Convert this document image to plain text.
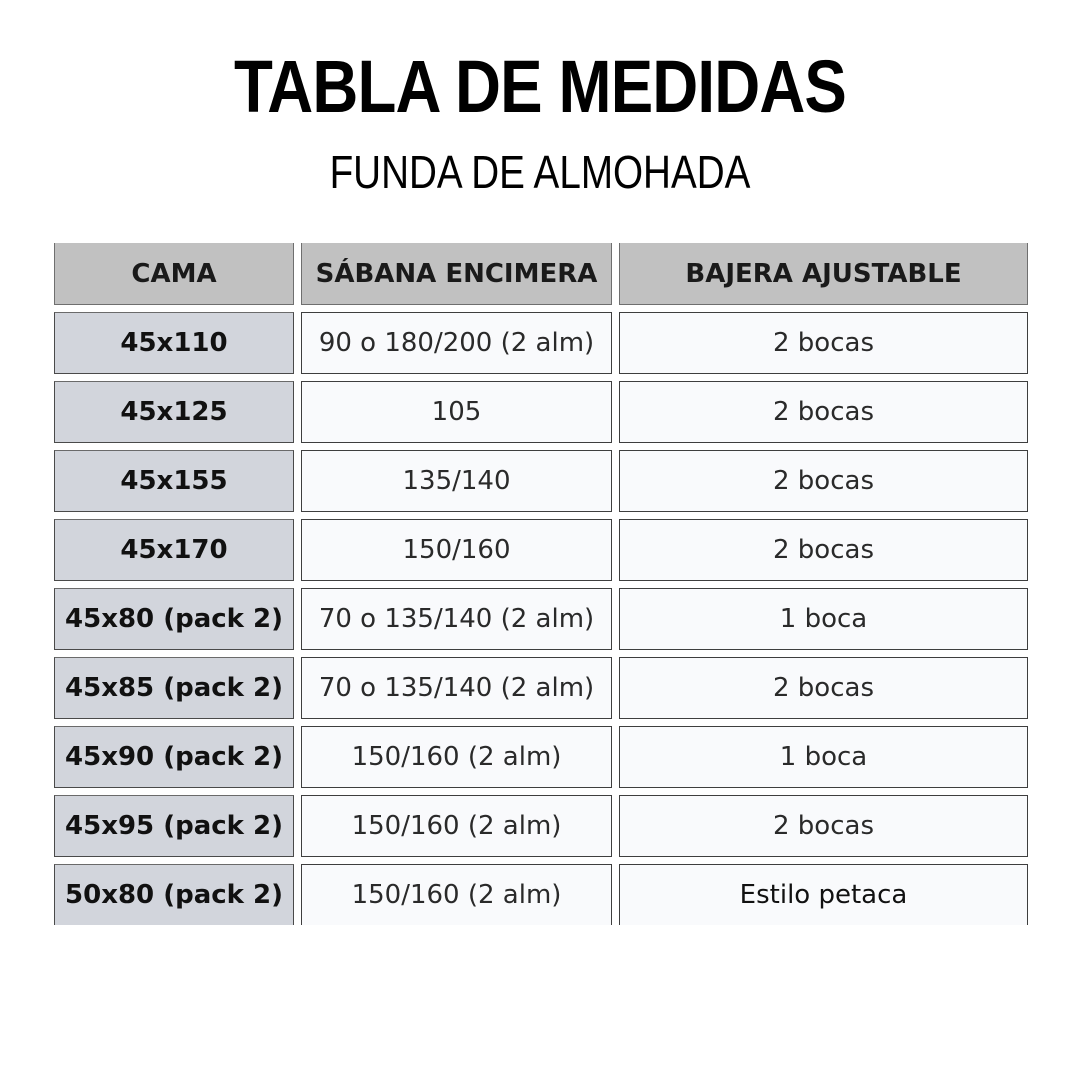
TABLA DE MEDIDAS
FUNDA DE ALMOHADA
CAMA	SÁBANA ENCIMERA	BAJERA AJUSTABLE
45x110	90 o 180/200 (2 alm)	2 bocas
45x125	105	2 bocas
45x155	135/140	2 bocas
45x170	150/160	2 bocas
45x80 (pack 2)	70 o 135/140 (2 alm)	1 boca
45x85 (pack 2)	70 o 135/140 (2 alm)	2 bocas
45x90 (pack 2)	150/160 (2 alm)	1 boca
45x95 (pack 2)	150/160 (2 alm)	2 bocas
50x80 (pack 2)	150/160 (2 alm)	Estilo petaca
